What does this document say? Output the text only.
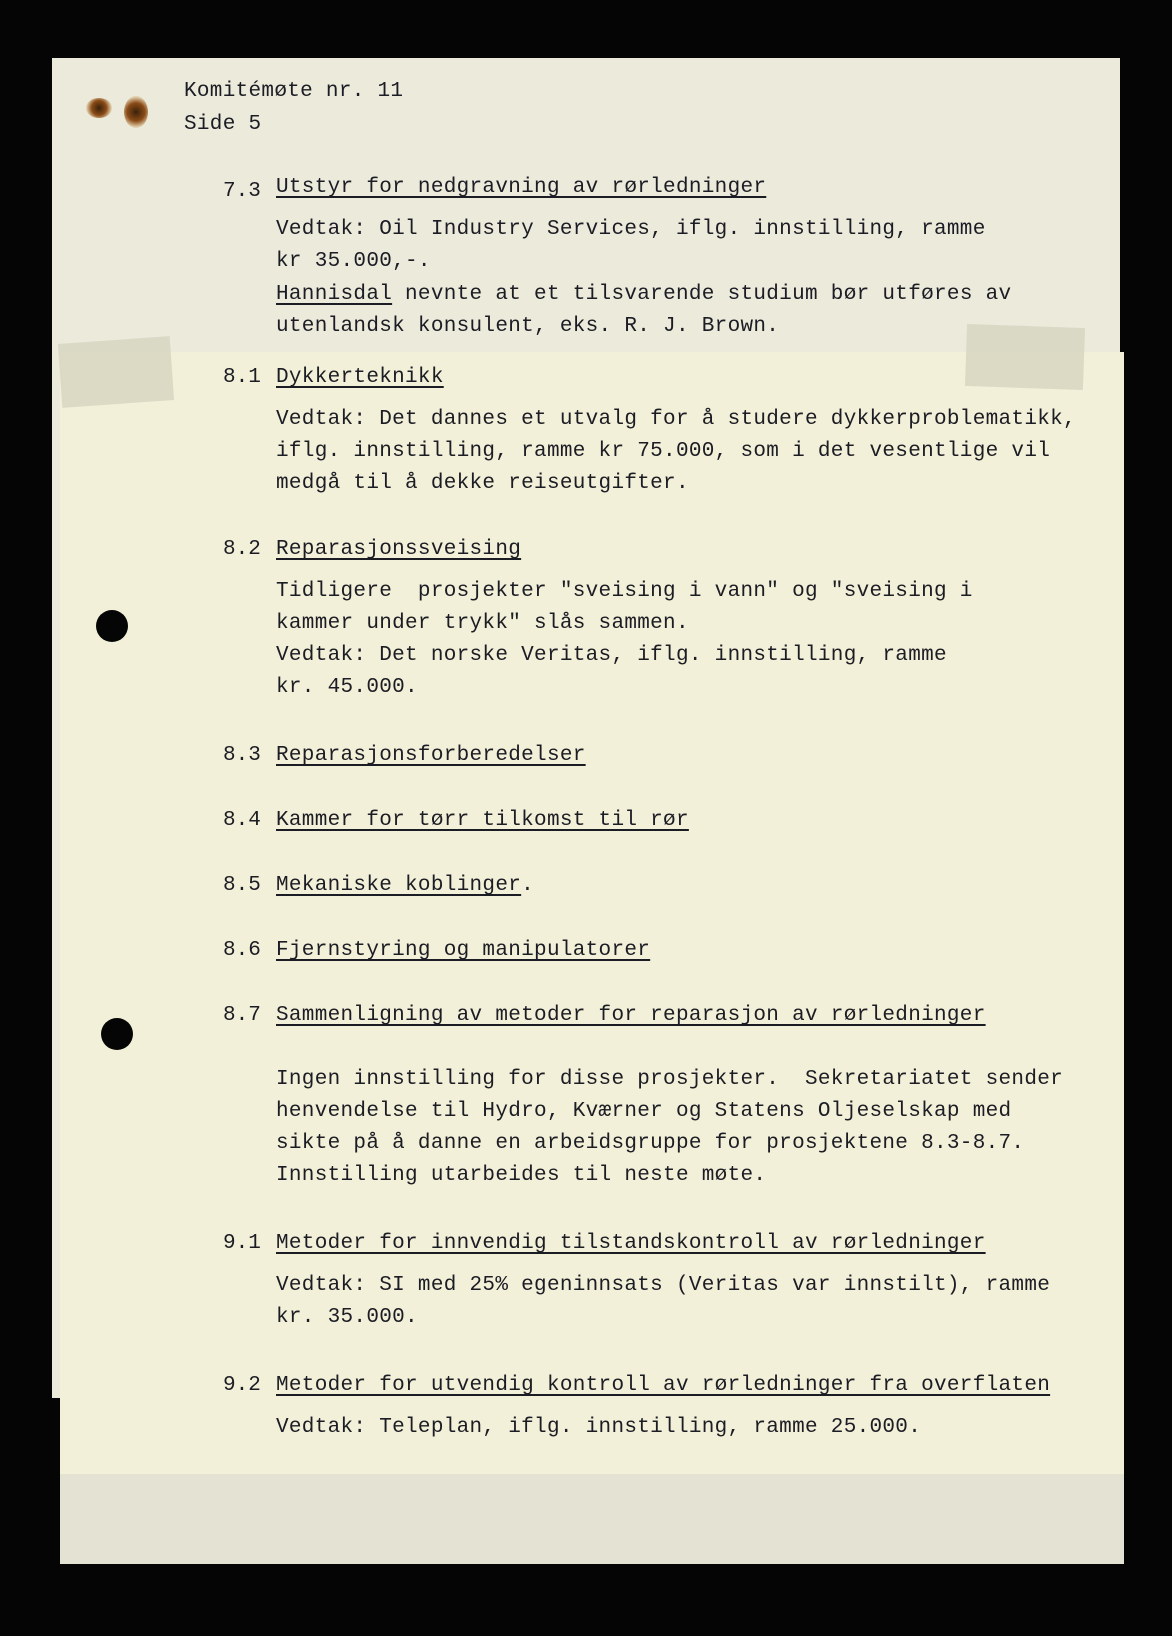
Komitémøte nr. 11
Side 5
7.3 Utstyr for nedgravning av rørledninger
Vedtak: Oil Industry Services, iflg. innstilling, ramme
kr 35.000,-.
Hannisdal nevnte at et tilsvarende studium bør utføres av
utenlandsk konsulent, eks. R. J. Brown.
8.1 Dykkerteknikk
Vedtak: Det dannes et utvalg for å studere dykkerproblematikk,
iflg. innstilling, ramme kr 75.000, som i det vesentlige vil
medgå til å dekke reiseutgifter.
8.2 Reparasjonssveising
Tidligere  prosjekter "sveising i vann" og "sveising i
kammer under trykk" slås sammen.
Vedtak: Det norske Veritas, iflg. innstilling, ramme
kr. 45.000.
8.3 Reparasjonsforberedelser
8.4 Kammer for tørr tilkomst til rør
8.5 Mekaniske koblinger.
8.6 Fjernstyring og manipulatorer
8.7 Sammenligning av metoder for reparasjon av rørledninger
Ingen innstilling for disse prosjekter.  Sekretariatet sender
henvendelse til Hydro, Kværner og Statens Oljeselskap med
sikte på å danne en arbeidsgruppe for prosjektene 8.3-8.7.
Innstilling utarbeides til neste møte.
9.1 Metoder for innvendig tilstandskontroll av rørledninger
Vedtak: SI med 25% egeninnsats (Veritas var innstilt), ramme
kr. 35.000.
9.2 Metoder for utvendig kontroll av rørledninger fra overflaten
Vedtak: Teleplan, iflg. innstilling, ramme 25.000.
